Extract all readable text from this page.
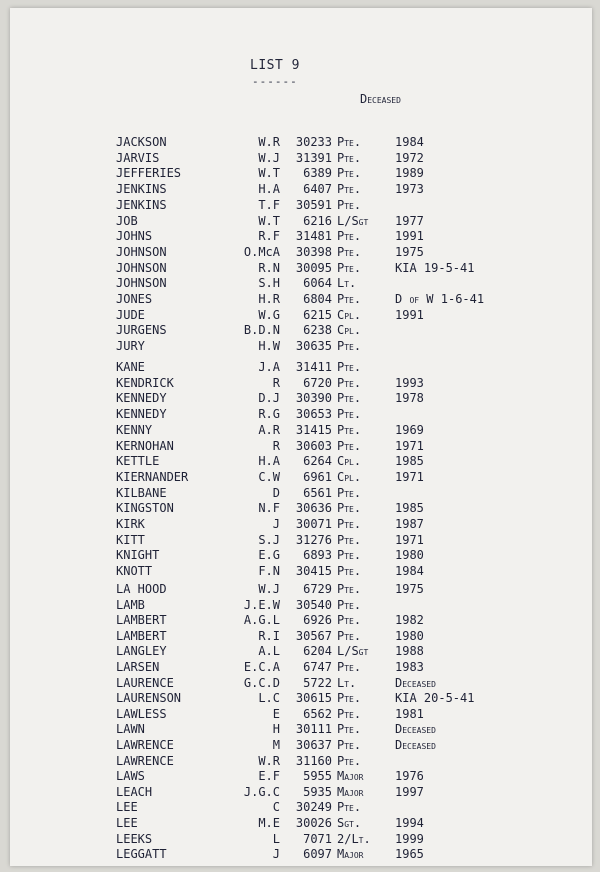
LIST 9
------
Deceased
JACKSON	W.R	30233 Pte.	1984
JARVIS	W.J	31391 Pte.	1972
JEFFERIES	W.T	6389 Pte.	1989
JENKINS	H.A	6407 Pte.	1973
JENKINS	T.F	30591 Pte.
JOB	W.T	6216 L/Sgt 1977
JOHNS	R.F	31481 Pte.	1991
JOHNSON	O.McA	30398 Pte.	1975
JOHNSON	R.N	30095 Pte.	KIA 19-5-41
JOHNSON	S.H	6064 Lt.
JONES	H.R	6804 Pte.	D of W 1-6-41
JUDE	W.G	6215 Cpl.	1991
JURGENS	B.D.N	6238 Cpl.
JURY	H.W	30635 Pte.
KANE	J.A	31411 Pte.
KENDRICK	R	6720 Pte.	1993
KENNEDY	D.J	30390 Pte.	1978
KENNEDY	R.G	30653 Pte.
KENNY	A.R	31415 Pte.	1969
KERNOHAN	R	30603 Pte.	1971
KETTLE	H.A	6264 Cpl.	1985
KIERNANDER	C.W	6961 Cpl.	1971
KILBANE	D	6561 Pte.
KINGSTON	N.F	30636 Pte.	1985
KIRK	J	30071 Pte.	1987
KITT	S.J	31276 Pte.	1971
KNIGHT	E.G	6893 Pte.	1980
KNOTT	F.N	30415 Pte.	1984
LA HOOD	W.J	6729 Pte.	1975
LAMB	J.E.W	30540 Pte.
LAMBERT	A.G.L	6926 Pte.	1982
LAMBERT	R.I	30567 Pte.	1980
LANGLEY	A.L	6204 L/Sgt 1988
LARSEN	E.C.A	6747 Pte.	1983
LAURENCE	G.C.D	5722 Lt.	Deceased
LAURENSON	L.C	30615 Pte.	KIA 20-5-41
LAWLESS	E	6562 Pte.	1981
LAWN	H	30111 Pte.	Deceased
LAWRENCE	M	30637 Pte.	Deceased
LAWRENCE	W.R	31160 Pte.
LAWS	E.F	5955 Major	1976
LEACH	J.G.C	5935 Major	1997
LEE	C	30249 Pte.
LEE	M.E	30026 Sgt.	1994
LEEKS	L	7071 2/Lt. 1999
LEGGATT	J	6097 Major	1965
